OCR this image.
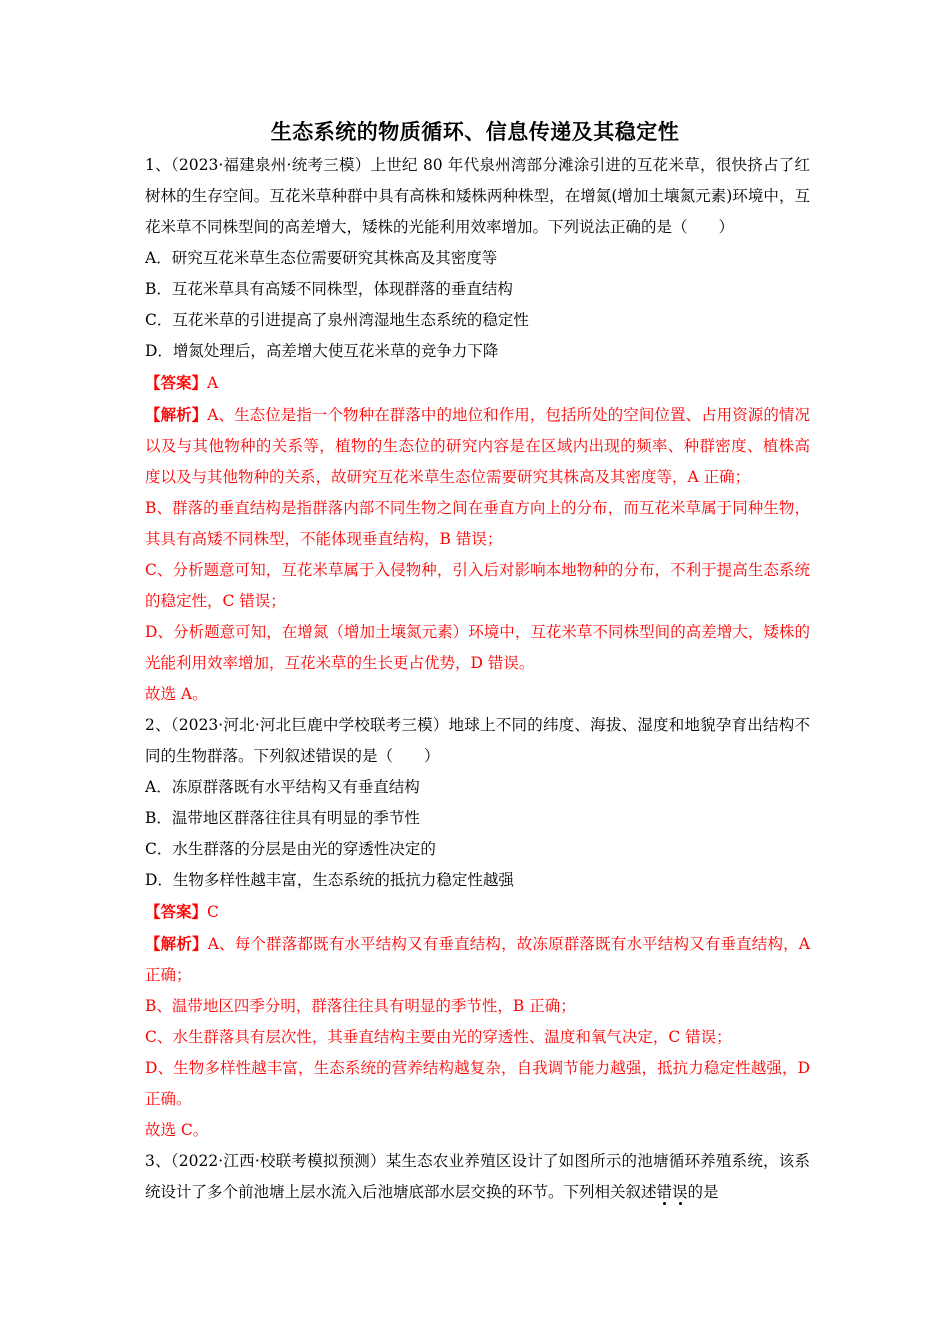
生态系统的物质循环、信息传递及其稳定性

1、（2023·福建泉州·统考三模）上世纪 80 年代泉州湾部分滩涂引进的互花米草，很快挤占了红树林的生存空间。互花米草种群中具有高株和矮株两种株型，在增氮(增加土壤氮元素)环境中，互花米草不同株型间的高差增大，矮株的光能利用效率增加。下列说法正确的是（　　）

A．研究互花米草生态位需要研究其株高及其密度等

B．互花米草具有高矮不同株型，体现群落的垂直结构

C．互花米草的引进提高了泉州湾湿地生态系统的稳定性

D．增氮处理后，高差增大使互花米草的竞争力下降

【答案】A

【解析】A、生态位是指一个物种在群落中的地位和作用，包括所处的空间位置、占用资源的情况以及与其他物种的关系等，植物的生态位的研究内容是在区域内出现的频率、种群密度、植株高度以及与其他物种的关系，故研究互花米草生态位需要研究其株高及其密度等，A 正确；

B、群落的垂直结构是指群落内部不同生物之间在垂直方向上的分布，而互花米草属于同种生物，其具有高矮不同株型，不能体现垂直结构，B 错误；

C、分析题意可知，互花米草属于入侵物种，引入后对影响本地物种的分布，不利于提高生态系统的稳定性，C 错误；

D、分析题意可知，在增氮（增加土壤氮元素）环境中，互花米草不同株型间的高差增大，矮株的光能利用效率增加，互花米草的生长更占优势，D 错误。

故选 A。

2、（2023·河北·河北巨鹿中学校联考三模）地球上不同的纬度、海拔、湿度和地貌孕育出结构不同的生物群落。下列叙述错误的是（　　）

A．冻原群落既有水平结构又有垂直结构

B．温带地区群落往往具有明显的季节性

C．水生群落的分层是由光的穿透性决定的

D．生物多样性越丰富，生态系统的抵抗力稳定性越强

【答案】C

【解析】A、每个群落都既有水平结构又有垂直结构，故冻原群落既有水平结构又有垂直结构，A 正确；

B、温带地区四季分明，群落往往具有明显的季节性，B 正确；

C、水生群落具有层次性，其垂直结构主要由光的穿透性、温度和氧气决定，C 错误；

D、生物多样性越丰富，生态系统的营养结构越复杂，自我调节能力越强，抵抗力稳定性越强，D 正确。

故选 C。

3、（2022·江西·校联考模拟预测）某生态农业养殖区设计了如图所示的池塘循环养殖系统，该系统设计了多个前池塘上层水流入后池塘底部水层交换的环节。下列相关叙述错误
的是
